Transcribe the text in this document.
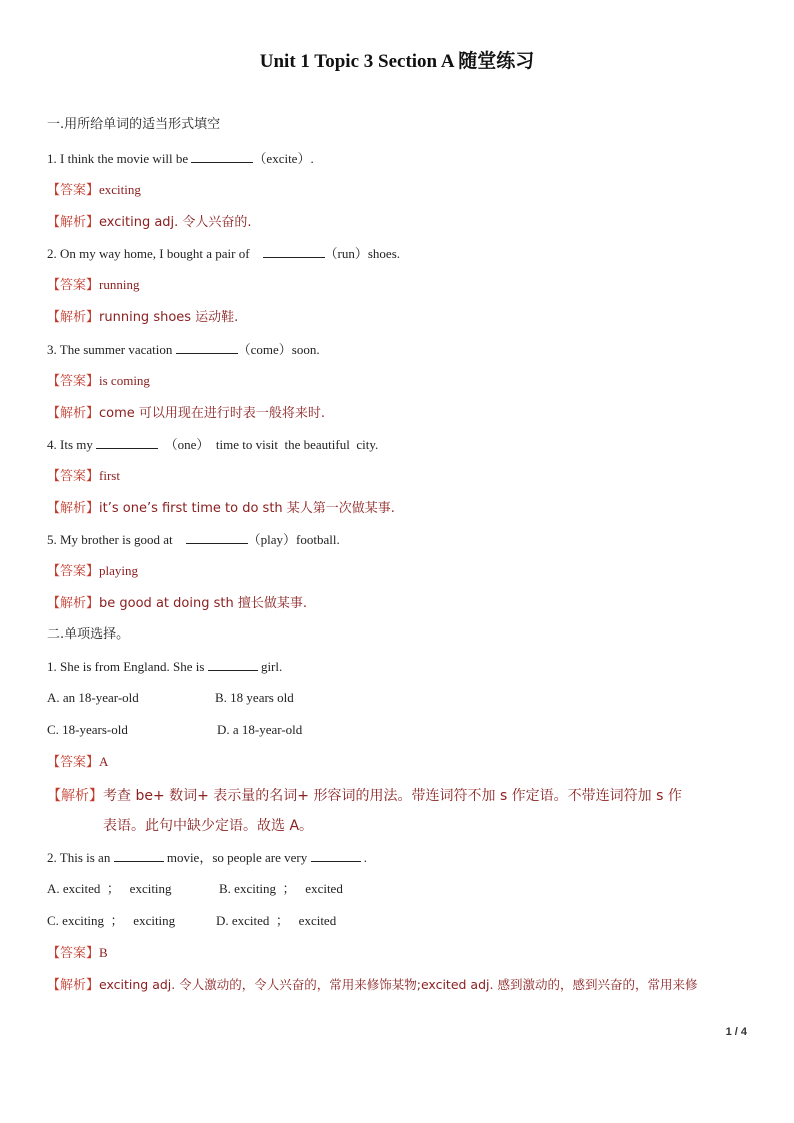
Unit 1 Topic 3 Section A 随堂练习
一.用所给单词的适当形式填空
1. I think the movie will be	（excite）.
【答案】exciting
【解析】exciting adj. 令人兴奋的.
2. On my way home, I bought a pair of	（run）shoes.
【答案】running
【解析】running shoes 运动鞋.
3. The summer vacation	（come）soon.
【答案】is coming
【解析】come 可以用现在进行时表一般将来时.
4. Its my	（one）  time to visit  the beautiful  city.
【答案】first
【解析】it’s one’s first time to do sth 某人第一次做某事.
5. My brother is good at	（play）football.
【答案】playing
【解析】be good at doing sth 擅长做某事.
二.单项选择。
1. She is from England. She is	girl.
A. an 18-year-old	B. 18 years old
C. 18-years-old	D. a 18-year-old
【答案】A
【解析】考查 be+ 数词+ 表示量的名词+ 形容词的用法。带连词符不加 s 作定语。不带连词符加 s 作
表语。此句中缺少定语。故选 A。
2. This is an	movie，so people are very	.
A. excited  ；   exciting	B. exciting  ；   excited
C. exciting  ；   exciting	D. excited  ；   excited
【答案】B
【解析】exciting adj. 令人激动的，令人兴奋的，常用来修饰某物;excited adj. 感到激动的，感到兴奋的，常用来修
1 / 4
